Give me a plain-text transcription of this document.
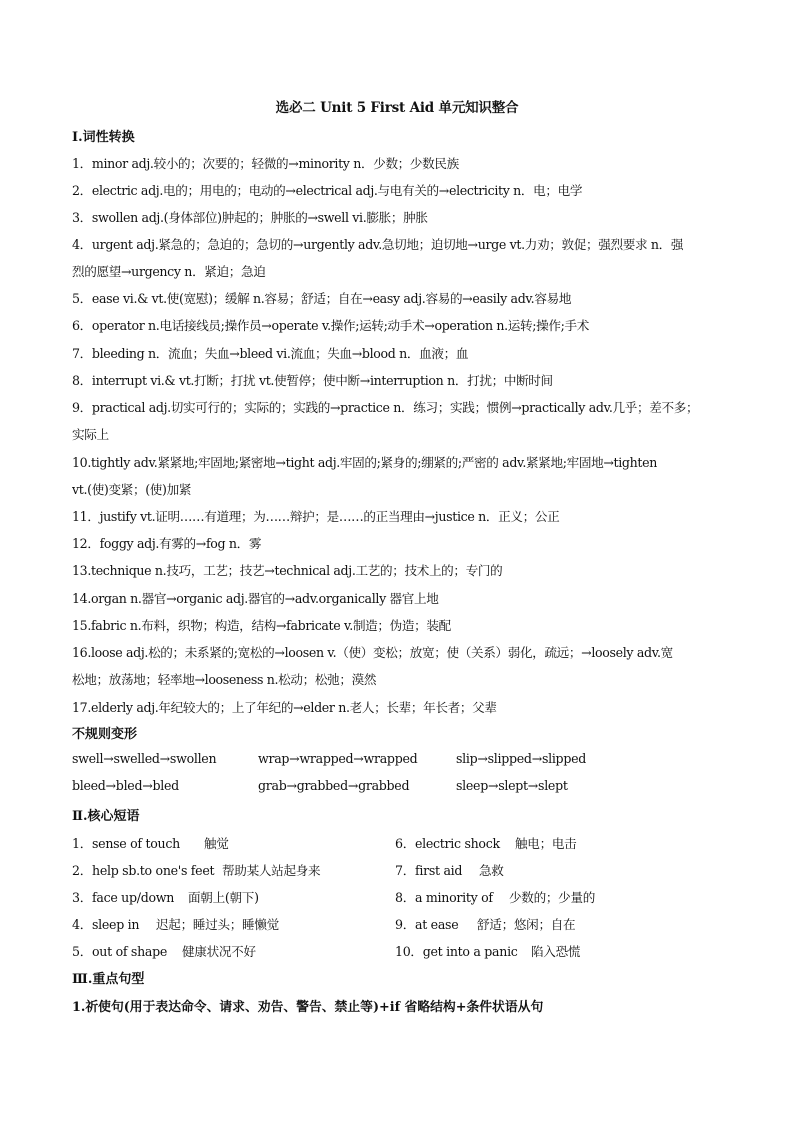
选必二 Unit 5 First Aid 单元知识整合
Ⅰ.词性转换
1．minor adj.较小的；次要的；轻微的→minority n．少数；少数民族
2．electric adj.电的；用电的；电动的→electrical adj.与电有关的→electricity n．电；电学
3．swollen adj.(身体部位)肿起的；肿胀的→swell vi.膨胀；肿胀
4．urgent adj.紧急的；急迫的；急切的→urgently adv.急切地；迫切地→urge vt.力劝；敦促；强烈要求 n．强
烈的愿望→urgency n．紧迫；急迫
5．ease vi.& vt.使(宽慰)；缓解 n.容易；舒适；自在→easy adj.容易的→easily adv.容易地
6．operator n.电话接线员;操作员→operate v.操作;运转;动手术→operation n.运转;操作;手术
7．bleeding n．流血；失血→bleed vi.流血；失血→blood n．血液；血
8．interrupt vi.& vt.打断；打扰 vt.使暂停；使中断→interruption n．打扰；中断时间
9．practical adj.切实可行的；实际的；实践的→practice n．练习；实践；惯例→practically adv.几乎；差不多；
实际上
10.tightly adv.紧紧地;牢固地;紧密地→tight adj.牢固的;紧身的;绷紧的;严密的 adv.紧紧地;牢固地→tighten
vt.(使)变紧；(使)加紧
11．justify vt.证明……有道理；为……辩护；是……的正当理由→justice n．正义；公正
12．foggy adj.有雾的→fog n．雾
13.technique n.技巧，工艺；技艺→technical adj.工艺的；技术上的；专门的
14.organ n.器官→organic adj.器官的→adv.organically 器官上地
15.fabric n.布料，织物；构造，结构→fabricate v.制造；伪造；装配
16.loose adj.松的；未系紧的;宽松的→loosen v.（使）变松；放宽；使（关系）弱化，疏远；→loosely adv.宽
松地；放荡地；轻率地→looseness n.松动；松弛；漠然
17.elderly adj.年纪较大的；上了年纪的→elder n.老人；长辈；年长者；父辈
不规则变形
swell→swelled→swollen	wrap→wrapped→wrapped	slip→slipped→slipped
bleed→bled→bled	grab→grabbed→grabbed	sleep→slept→slept
Ⅱ.核心短语
1．sense of touch 触觉
2．help sb.to one's feet 帮助某人站起身来
3．face up/down 面朝上(朝下)
4．sleep in 迟起；睡过头；睡懒觉
5．out of shape 健康状况不好
6．electric shock 触电；电击
7．first aid 急救
8．a minority of 少数的；少量的
9．at ease 舒适；悠闲；自在
10．get into a panic 陷入恐慌
Ⅲ.重点句型
1.祈使句(用于表达命令、请求、劝告、警告、禁止等)+if 省略结构+条件状语从句
